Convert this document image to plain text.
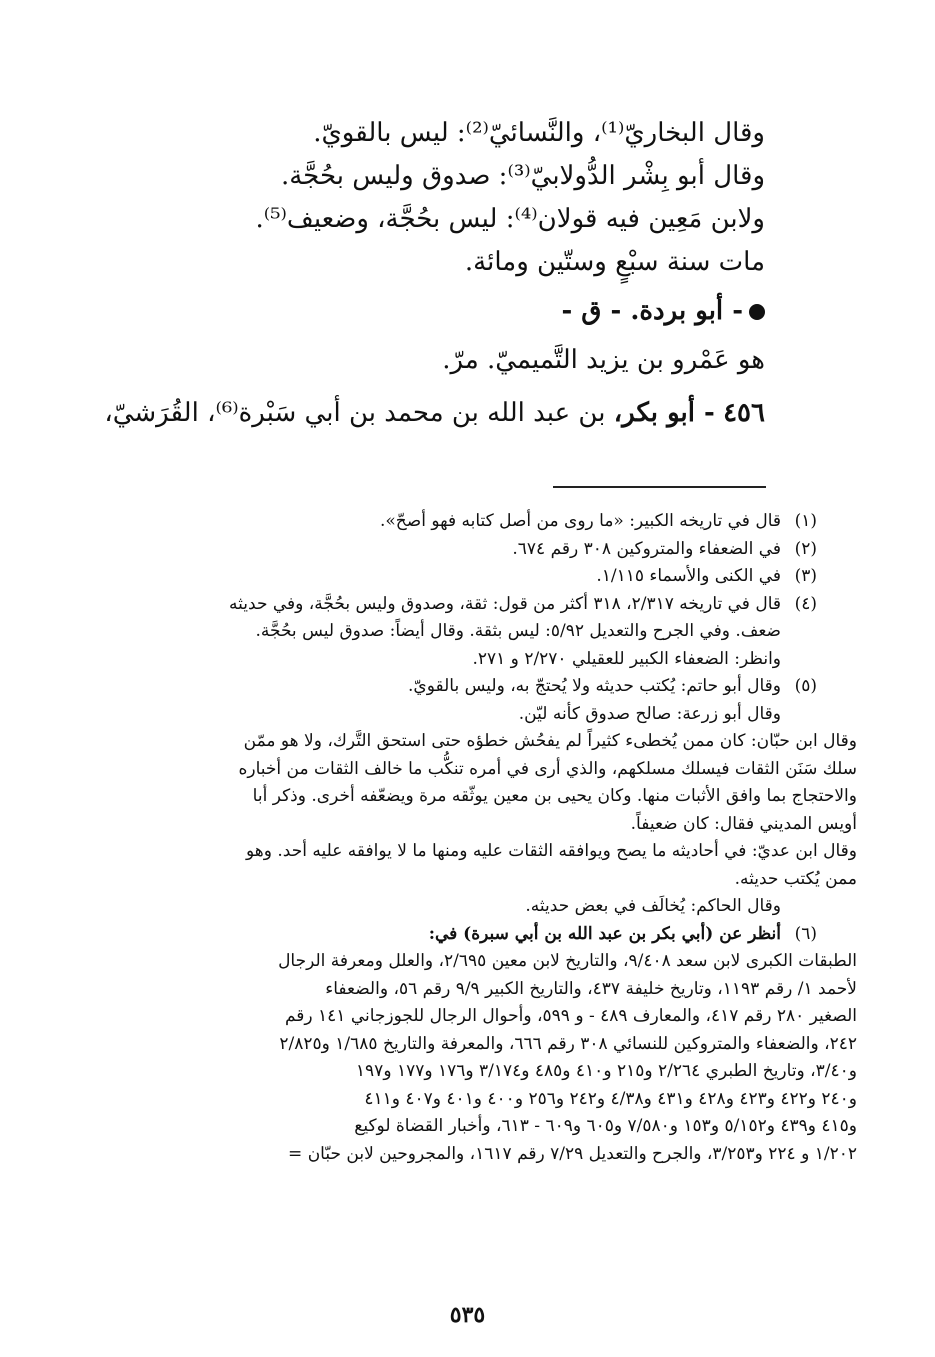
وقال البخاريّ⁽¹⁾، والنَّسائيّ⁽²⁾: ليس بالقويّ.

وقال أبو بِشْر الدُّولابيّ⁽³⁾: صدوق وليس بحُجَّة.

ولابن مَعِين فيه قولان⁽⁴⁾: ليس بحُجَّة، وضعيف⁽⁵⁾.

مات سنة سبْعٍ وستّين ومائة.

- أبو بردة. - ق -

هو عَمْرو بن يزيد التَّميميّ. مرّ.

٤٥٦ - أبو بكر، بن عبد الله بن محمد بن أبي سَبْرة⁽⁶⁾، القُرَشيّ،

(١)قال في تاريخه الكبير: «ما روى من أصل كتابه فهو أصحّ».

(٢)في الضعفاء والمتروكين ٣٠٨ رقم ٦٧٤.

(٣)في الكنى والأسماء ١/١١٥.

(٤)قال في تاريخه ٢/٣١٧، ٣١٨ أكثر من قول: ثقة، وصدوق وليس بحُجَّة، وفي حديثه

ضعف. وفي الجرح والتعديل ٥/٩٢: ليس بثقة. وقال أيضاً: صدوق ليس بحُجَّة.

وانظر: الضعفاء الكبير للعقيلي ٢/٢٧٠ و ٢٧١.

(٥)وقال أبو حاتم: يُكتب حديثه ولا يُحتجّ به، وليس بالقويّ.

وقال أبو زرعة: صالح صدوق كأنه ليّن.

وقال ابن حبّان: كان ممن يُخطىء كثيراً لم يفحُش خطؤه حتى استحق التَّرك، ولا هو ممّن

سلك سَنَن الثقات فيسلك مسلكهم، والذي أرى في أمره تنكُّب ما خالف الثقات من أخباره

والاحتجاج بما وافق الأثبات منها. وكان يحيى بن معين يوثّقه مرة ويضعّفه أخرى. وذكر أبا

أويس المديني فقال: كان ضعيفاً.

وقال ابن عديّ: في أحاديثه ما يصح ويوافقه الثقات عليه ومنها ما لا يوافقه عليه أحد. وهو

ممن يُكتب حديثه.

وقال الحاكم: يُخالَف في بعض حديثه.

(٦)أنظر عن (أبي بكر بن عبد الله بن أبي سبرة) في:

الطبقات الكبرى لابن سعد ٩/٤٠٨، والتاريخ لابن معين ٢/٦٩٥، والعلل ومعرفة الرجال

لأحمد ١/ رقم ١١٩٣، وتاريخ خليفة ٤٣٧، والتاريخ الكبير ٩/٩ رقم ٥٦، والضعفاء

الصغير ٢٨٠ رقم ٤١٧، والمعارف ٤٨٩ - و ٥٩٩، وأحوال الرجال للجوزجاني ١٤١ رقم

٢٤٢، والضعفاء والمتروكين للنسائي ٣٠٨ رقم ٦٦٦، والمعرفة والتاريخ ١/٦٨٥ و٢/٨٢٥

و٣/٤٠، وتاريخ الطبري ٢/٢٦٤ و٢١٥ و٤١٠ و٤٨٥ و٣/١٧٤ و١٧٦ و١٧٧ و١٩٧

و٢٤٠ و٤٢٢ و٤٢٣ و٤٢٨ و٤٣١ و٤/٣٨ و٢٤٢ و٢٥٦ و٤٠٠ و٤٠١ و٤٠٧ و٤١١

و٤١٥ و٤٣٩ و٥/١٥٢ و١٥٣ و٧/٥٨٠ و٦٠٥ و٦٠٩ - ٦١٣، وأخبار القضاة لوكيع

١/٢٠٢ و ٢٢٤ و٣/٢٥٣، والجرح والتعديل ٧/٢٩ رقم ١٦١٧، والمجروحين لابن حبّان =

٥٣٥
